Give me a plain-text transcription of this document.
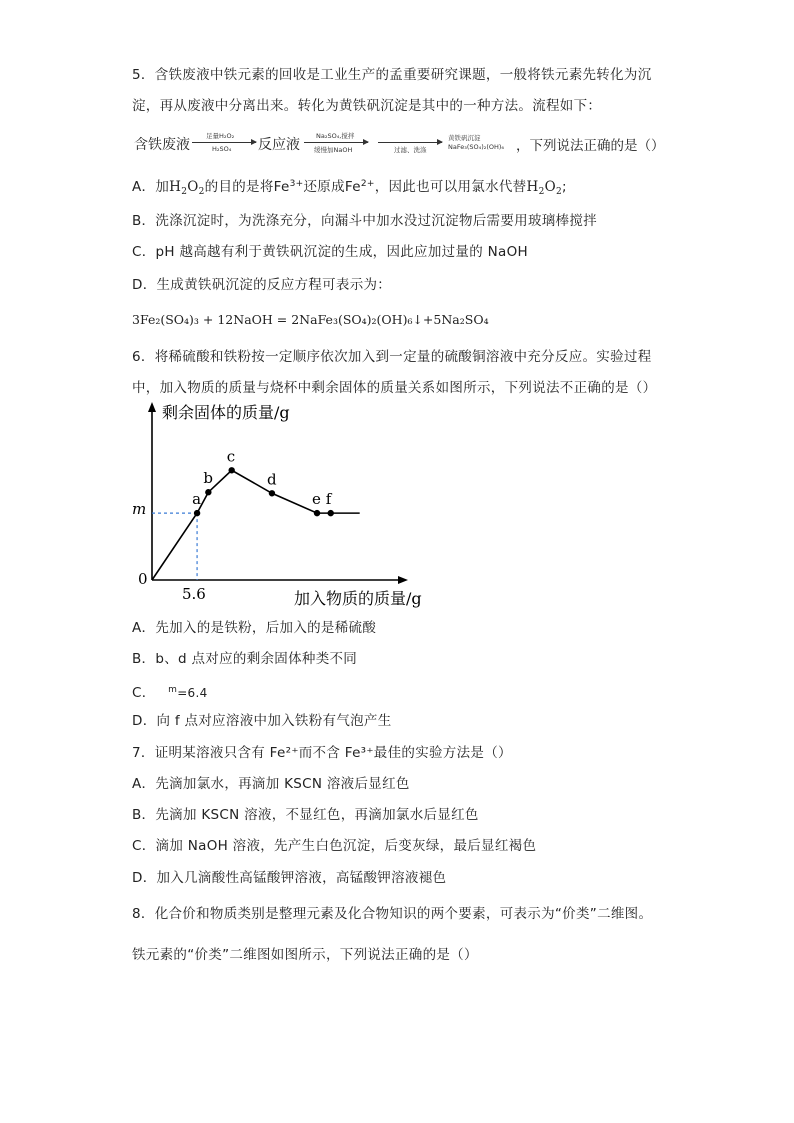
5．含铁废液中铁元素的回收是工业生产的孟重要研究课题，一般将铁元素先转化为沉
淀，再从废液中分离出来。转化为黄铁矾沉淀是其中的一种方法。流程如下：
含铁废液
足量H₂O₂
H₂SO₄ 反应液
Na₂SO₄,搅拌
缓慢加NaOH	过滤、洗涤
黄铁矾沉淀
NaFe₃(SO₄)₂(OH)₆ ，下列说法正确的是（）
A．加$H_2O_2$的目的是将$Fe^{3+}$还原成$Fe^{2+}$，因此也可以用氯水代替$H_2O_2$;
B．洗涤沉淀时，为洗涤充分，向漏斗中加水没过沉淀物后需要用玻璃棒搅拌
C．pH 越高越有利于黄铁矾沉淀的生成，因此应加过量的 NaOH
D．生成黄铁矾沉淀的反应方程可表示为：
3Fe₂(SO₄)₃ + 12NaOH = 2NaFe₃(SO₄)₂(OH)₆↓+5Na₂SO₄
6．将稀硫酸和铁粉按一定顺序依次加入到一定量的硫酸铜溶液中充分反应。实验过程
中，加入物质的质量与烧杯中剩余固体的质量关系如图所示，下列说法不正确的是（）
剩余固体的质量/g
加入物质的质量/g
0
5.6
m
a
b
c
d
e f
A．先加入的是铁粉，后加入的是稀硫酸
B．b、d 点对应的剩余固体种类不同
C． $^m$=6.4
D．向 f 点对应溶液中加入铁粉有气泡产生
7．证明某溶液只含有 Fe²⁺而不含 Fe³⁺最佳的实验方法是（）
A．先滴加氯水，再滴加 KSCN 溶液后显红色
B．先滴加 KSCN 溶液，不显红色，再滴加氯水后显红色
C．滴加 NaOH 溶液，先产生白色沉淀，后变灰绿，最后显红褐色
D．加入几滴酸性高锰酸钾溶液，高锰酸钾溶液褪色
8．化合价和物质类别是整理元素及化合物知识的两个要素，可表示为“价类”二维图。
铁元素的“价类”二维图如图所示，下列说法正确的是（）
